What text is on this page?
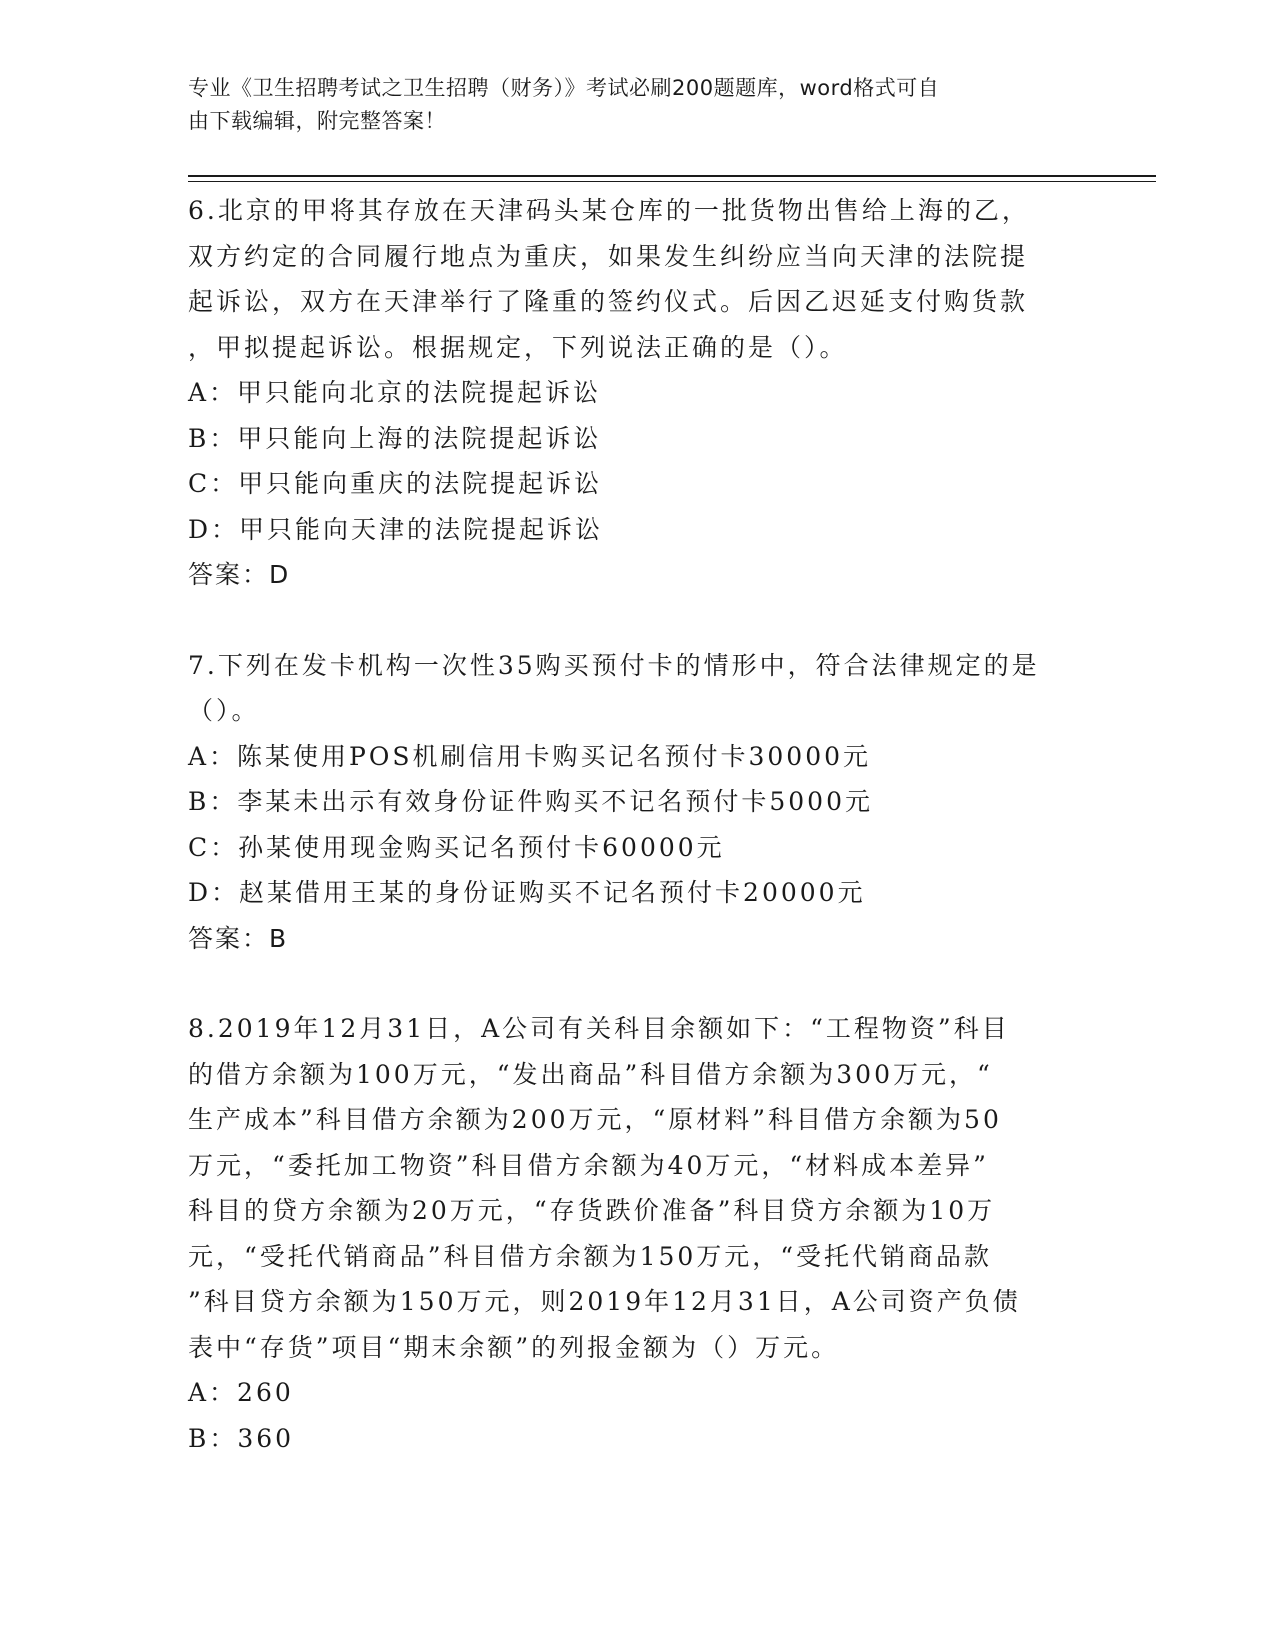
专业《卫生招聘考试之卫生招聘（财务）》考试必刷200题题库，word格式可自
由下载编辑，附完整答案！
6.北京的甲将其存放在天津码头某仓库的一批货物出售给上海的乙，
双方约定的合同履行地点为重庆，如果发生纠纷应当向天津的法院提
起诉讼，双方在天津举行了隆重的签约仪式。后因乙迟延支付购货款
，甲拟提起诉讼。根据规定，下列说法正确的是（）。
A：甲只能向北京的法院提起诉讼
B：甲只能向上海的法院提起诉讼
C：甲只能向重庆的法院提起诉讼
D：甲只能向天津的法院提起诉讼
答案：D
7.下列在发卡机构一次性35购买预付卡的情形中，符合法律规定的是
（）。
A：陈某使用POS机刷信用卡购买记名预付卡30000元
B：李某未出示有效身份证件购买不记名预付卡5000元
C：孙某使用现金购买记名预付卡60000元
D：赵某借用王某的身份证购买不记名预付卡20000元
答案：B
8.2019年12月31日，A公司有关科目余额如下：“工程物资”科目
的借方余额为100万元，“发出商品”科目借方余额为300万元，“
生产成本”科目借方余额为200万元，“原材料”科目借方余额为50
万元，“委托加工物资”科目借方余额为40万元，“材料成本差异”
科目的贷方余额为20万元，“存货跌价准备”科目贷方余额为10万
元，“受托代销商品”科目借方余额为150万元，“受托代销商品款
”科目贷方余额为150万元，则2019年12月31日，A公司资产负债
表中“存货”项目“期末余额”的列报金额为（）万元。
A：260
B：360
